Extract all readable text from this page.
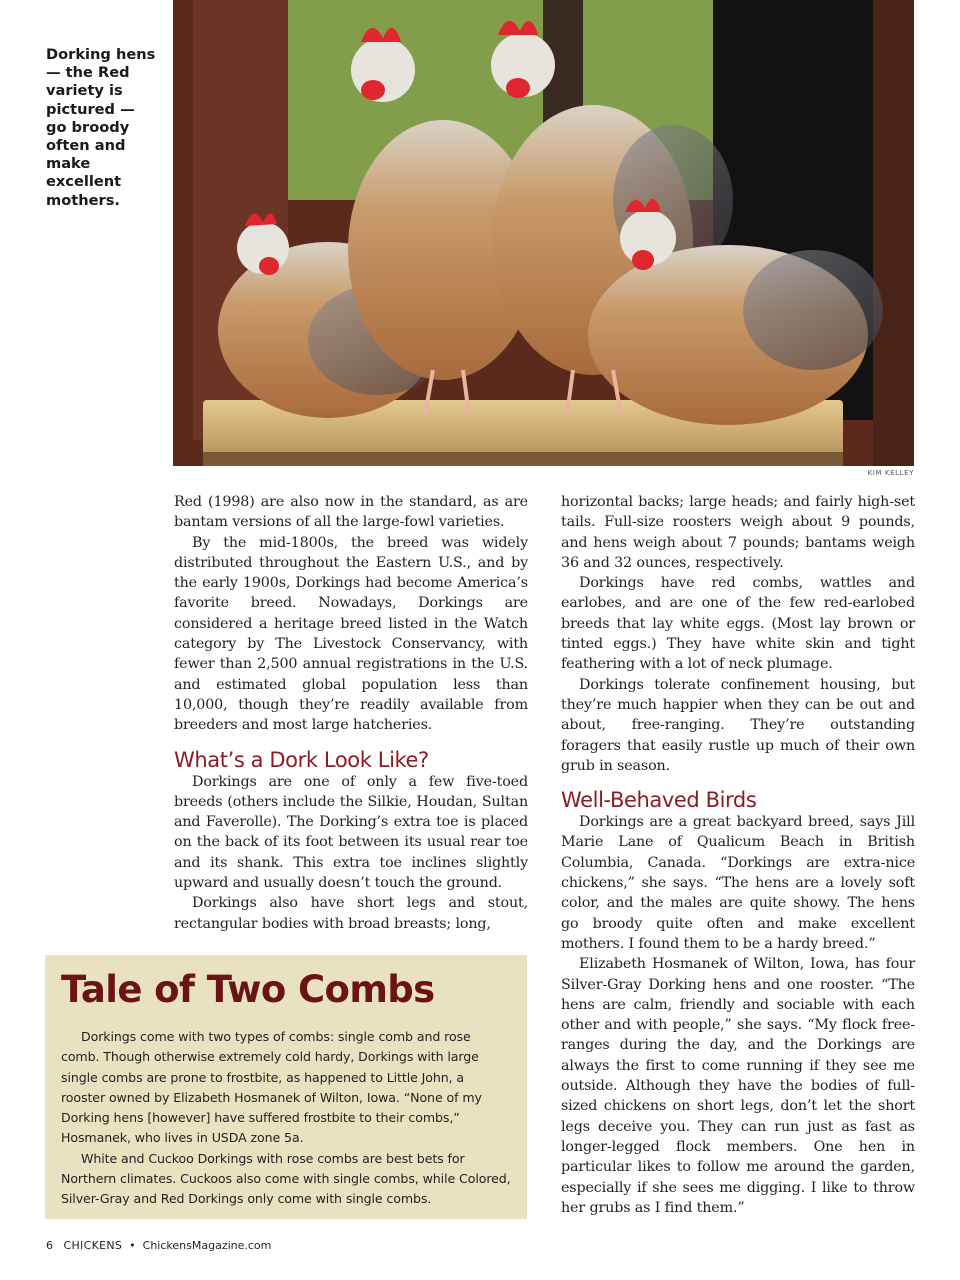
Dorking hens — the Red variety is pictured — go broody often and make excellent mothers.
KIM KELLEY

Red (1998) are also now in the standard, as are bantam versions of all the large-fowl varieties.

By the mid-1800s, the breed was widely distributed throughout the Eastern U.S., and by the early 1900s, Dorkings had become America’s favorite breed. Nowadays, Dorkings are considered a heritage breed listed in the Watch category by The Livestock Conservancy, with fewer than 2,500 annual registrations in the U.S. and estimated global population less than 10,000, though they’re readily available from breeders and most large hatcheries.

What’s a Dork Look Like?

Dorkings are one of only a few five-toed breeds (others include the Silkie, Houdan, Sultan and Faverolle). The Dorking’s extra toe is placed on the back of its foot between its usual rear toe and its shank. This extra toe inclines slightly upward and usually doesn’t touch the ground.

Dorkings also have short legs and stout, rectangular bodies with broad breasts; long,

horizontal backs; large heads; and fairly high-set tails. Full-size roosters weigh about 9 pounds, and hens weigh about 7 pounds; bantams weigh 36 and 32 ounces, respectively.

Dorkings have red combs, wattles and earlobes, and are one of the few red-earlobed breeds that lay white eggs. (Most lay brown or tinted eggs.) They have white skin and tight feathering with a lot of neck plumage.

Dorkings tolerate confinement housing, but they’re much happier when they can be out and about, free-ranging. They’re outstanding foragers that easily rustle up much of their own grub in season.

Well-Behaved Birds

Dorkings are a great backyard breed, says Jill Marie Lane of Qualicum Beach in British Columbia, Canada. “Dorkings are extra-nice chickens,” she says. “The hens are a lovely soft color, and the males are quite showy. The hens go broody quite often and make excellent mothers. I found them to be a hardy breed.”

Elizabeth Hosmanek of Wilton, Iowa, has four Silver-Gray Dorking hens and one rooster. “The hens are calm, friendly and sociable with each other and with people,” she says. “My flock free-ranges during the day, and the Dorkings are always the first to come running if they see me outside. Although they have the bodies of full-sized chickens on short legs, don’t let the short legs deceive you. They can run just as fast as longer-legged flock members. One hen in particular likes to follow me around the garden, especially if she sees me digging. I like to throw her grubs as I find them.”

Tale of Two Combs

Dorkings come with two types of combs: single comb and rose comb. Though otherwise extremely cold hardy, Dorkings with large single combs are prone to frostbite, as happened to Little John, a rooster owned by Elizabeth Hosmanek of Wilton, Iowa. “None of my Dorking hens [however] have suffered frostbite to their combs,” Hosmanek, who lives in USDA zone 5a.

White and Cuckoo Dorkings with rose combs are best bets for Northern climates. Cuckoos also come with single combs, while Colored, Silver-Gray and Red Dorkings only come with single combs.

6 CHICKENS • ChickensMagazine.com
